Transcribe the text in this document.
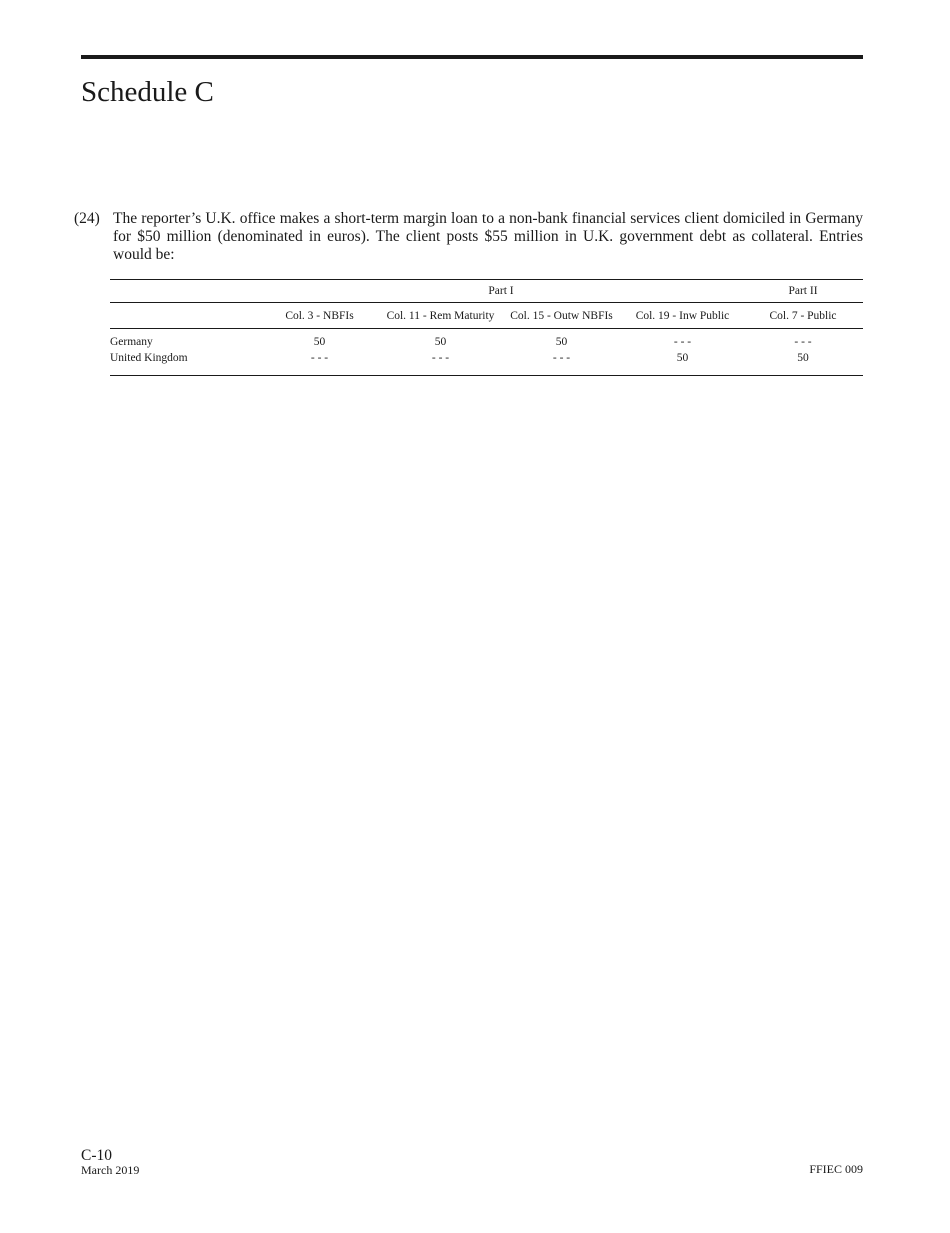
Schedule C
(24) The reporter’s U.K. office makes a short-term margin loan to a non-bank financial services client domiciled in Germany for $50 million (denominated in euros). The client posts $55 million in U.K. government debt as collateral. Entries would be:
	Part I				Part II
	Col. 3 - NBFIs	Col. 11 - Rem Maturity	Col. 15 - Outw NBFIs	Col. 19 - Inw Public	Col. 7 - Public
Germany	50	50	50	- - -	- - -
United Kingdom	- - -	- - -	- - -	50	50
C-10
March 2019	FFIEC 009
